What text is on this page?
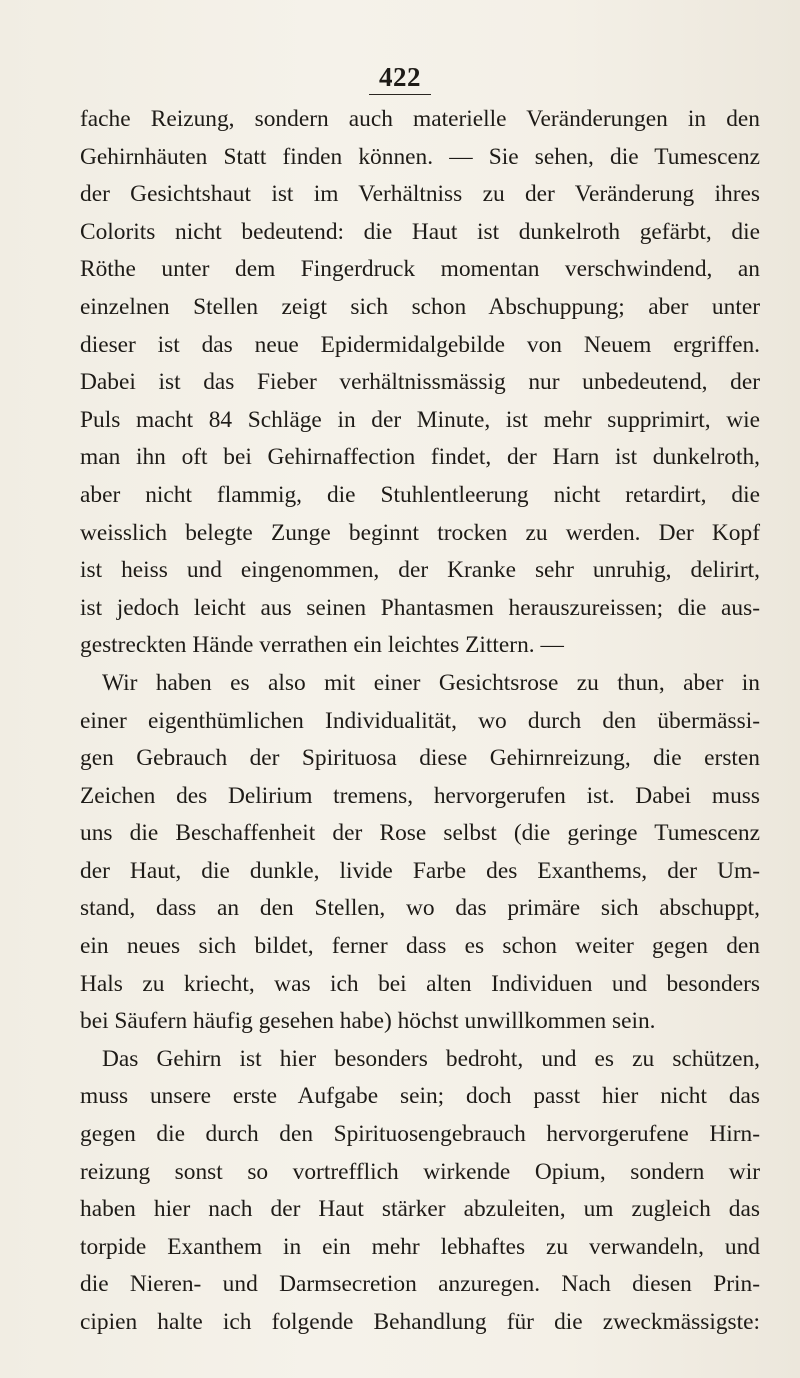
422
fache Reizung, sondern auch materielle Veränderungen in den
Gehirnhäuten Statt finden können. — Sie sehen, die Tumescenz
der Gesichtshaut ist im Verhältniss zu der Veränderung ihres
Colorits nicht bedeutend: die Haut ist dunkelroth gefärbt, die
Röthe unter dem Fingerdruck momentan verschwindend, an
einzelnen Stellen zeigt sich schon Abschuppung; aber unter
dieser ist das neue Epidermidalgebilde von Neuem ergriffen.
Dabei ist das Fieber verhältnissmässig nur unbedeutend, der
Puls macht 84 Schläge in der Minute, ist mehr supprimirt, wie
man ihn oft bei Gehirnaffection findet, der Harn ist dunkelroth,
aber nicht flammig, die Stuhlentleerung nicht retardirt, die
weisslich belegte Zunge beginnt trocken zu werden. Der Kopf
ist heiss und eingenommen, der Kranke sehr unruhig, delirirt,
ist jedoch leicht aus seinen Phantasmen herauszureissen; die aus-
gestreckten Hände verrathen ein leichtes Zittern. —
Wir haben es also mit einer Gesichtsrose zu thun, aber in
einer eigenthümlichen Individualität, wo durch den übermässi-
gen Gebrauch der Spirituosa diese Gehirnreizung, die ersten
Zeichen des Delirium tremens, hervorgerufen ist. Dabei muss
uns die Beschaffenheit der Rose selbst (die geringe Tumescenz
der Haut, die dunkle, livide Farbe des Exanthems, der Um-
stand, dass an den Stellen, wo das primäre sich abschuppt,
ein neues sich bildet, ferner dass es schon weiter gegen den
Hals zu kriecht, was ich bei alten Individuen und besonders
bei Säufern häufig gesehen habe) höchst unwillkommen sein.
Das Gehirn ist hier besonders bedroht, und es zu schützen,
muss unsere erste Aufgabe sein; doch passt hier nicht das
gegen die durch den Spirituosengebrauch hervorgerufene Hirn-
reizung sonst so vortrefflich wirkende Opium, sondern wir
haben hier nach der Haut stärker abzuleiten, um zugleich das
torpide Exanthem in ein mehr lebhaftes zu verwandeln, und
die Nieren- und Darmsecretion anzuregen. Nach diesen Prin-
cipien halte ich folgende Behandlung für die zweckmässigste:
